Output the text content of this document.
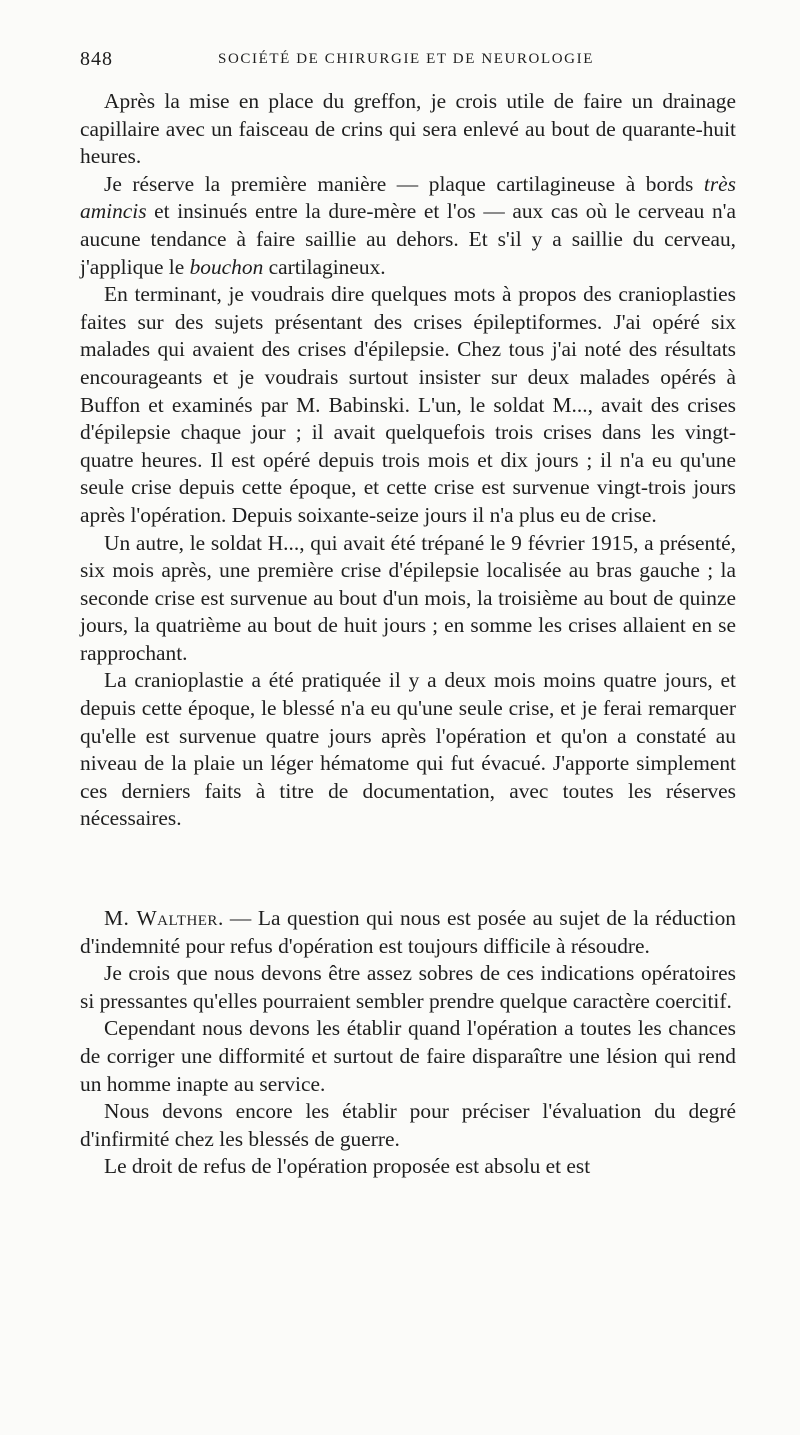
848	SOCIÉTÉ DE CHIRURGIE ET DE NEUROLOGIE

Après la mise en place du greffon, je crois utile de faire un drainage capillaire avec un faisceau de crins qui sera enlevé au bout de quarante-huit heures.

Je réserve la première manière — plaque cartilagineuse à bords très amincis et insinués entre la dure-mère et l'os — aux cas où le cerveau n'a aucune tendance à faire saillie au dehors. Et s'il y a saillie du cerveau, j'applique le bouchon cartilagineux.

En terminant, je voudrais dire quelques mots à propos des cranioplasties faites sur des sujets présentant des crises épileptiformes. J'ai opéré six malades qui avaient des crises d'épilepsie. Chez tous j'ai noté des résultats encourageants et je voudrais surtout insister sur deux malades opérés à Buffon et examinés par M. Babinski. L'un, le soldat M..., avait des crises d'épilepsie chaque jour ; il avait quelquefois trois crises dans les vingt-quatre heures. Il est opéré depuis trois mois et dix jours ; il n'a eu qu'une seule crise depuis cette époque, et cette crise est survenue vingt-trois jours après l'opération. Depuis soixante-seize jours il n'a plus eu de crise.

Un autre, le soldat H..., qui avait été trépané le 9 février 1915, a présenté, six mois après, une première crise d'épilepsie localisée au bras gauche ; la seconde crise est survenue au bout d'un mois, la troisième au bout de quinze jours, la quatrième au bout de huit jours ; en somme les crises allaient en se rapprochant.

La cranioplastie a été pratiquée il y a deux mois moins quatre jours, et depuis cette époque, le blessé n'a eu qu'une seule crise, et je ferai remarquer qu'elle est survenue quatre jours après l'opération et qu'on a constaté au niveau de la plaie un léger hématome qui fut évacué. J'apporte simplement ces derniers faits à titre de documentation, avec toutes les réserves nécessaires.

M. Walther. — La question qui nous est posée au sujet de la réduction d'indemnité pour refus d'opération est toujours difficile à résoudre.

Je crois que nous devons être assez sobres de ces indications opératoires si pressantes qu'elles pourraient sembler prendre quelque caractère coercitif.

Cependant nous devons les établir quand l'opération a toutes les chances de corriger une difformité et surtout de faire disparaître une lésion qui rend un homme inapte au service.

Nous devons encore les établir pour préciser l'évaluation du degré d'infirmité chez les blessés de guerre.

Le droit de refus de l'opération proposée est absolu et est
